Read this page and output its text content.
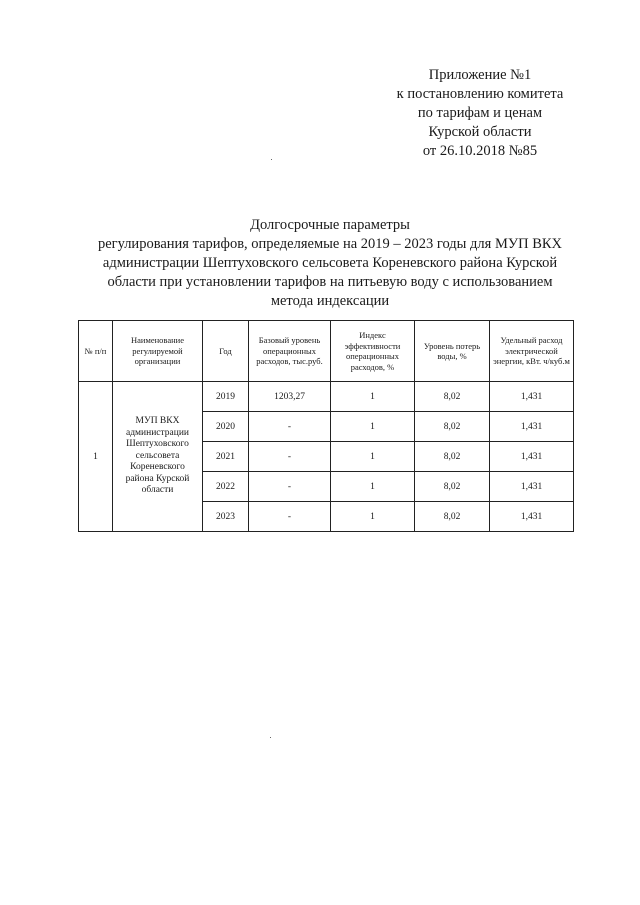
Приложение №1
к постановлению комитета
по тарифам и ценам
Курской области
от 26.10.2018 №85
Долгосрочные параметры
регулирования тарифов, определяемые на 2019 – 2023 годы для МУП ВКХ
администрации Шептуховского сельсовета Кореневского района Курской
области при установлении тарифов на питьевую воду с использованием
метода индексации
№ п/п	Наименование регулируемой организации	Год	Базовый уровень операционных расходов, тыс.руб.	Индекс эффективности операционных расходов, %	Уровень потерь воды, %	Удельный расход электрической энергии, кВт. ч/куб.м
1	МУП ВКХ администрации Шептуховского сельсовета Кореневского района Курской области	2019	1203,27	1	8,02	1,431
		2020	-	1	8,02	1,431
		2021	-	1	8,02	1,431
		2022	-	1	8,02	1,431
		2023	-	1	8,02	1,431
